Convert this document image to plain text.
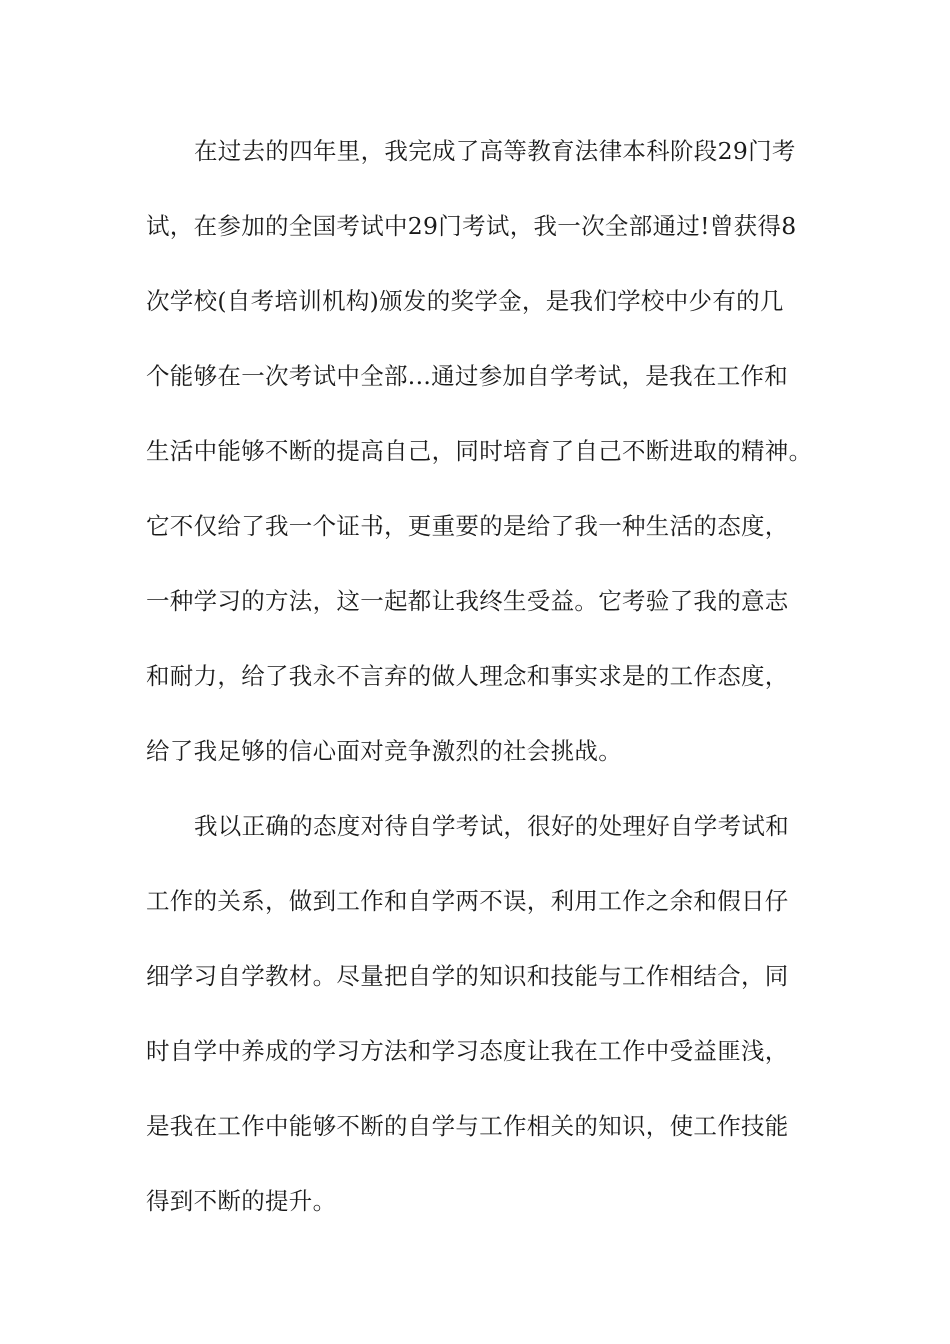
在过去的四年里，我完成了高等教育法律本科阶段29门考
试，在参加的全国考试中29门考试，我一次全部通过!曾获得8
次学校(自考培训机构)颁发的奖学金，是我们学校中少有的几
个能够在一次考试中全部...通过参加自学考试，是我在工作和
生活中能够不断的提高自己，同时培育了自己不断进取的精神。
它不仅给了我一个证书，更重要的是给了我一种生活的态度，
一种学习的方法，这一起都让我终生受益。它考验了我的意志
和耐力，给了我永不言弃的做人理念和事实求是的工作态度，
给了我足够的信心面对竞争激烈的社会挑战。
我以正确的态度对待自学考试，很好的处理好自学考试和
工作的关系，做到工作和自学两不误，利用工作之余和假日仔
细学习自学教材。尽量把自学的知识和技能与工作相结合，同
时自学中养成的学习方法和学习态度让我在工作中受益匪浅，
是我在工作中能够不断的自学与工作相关的知识，使工作技能
得到不断的提升。
